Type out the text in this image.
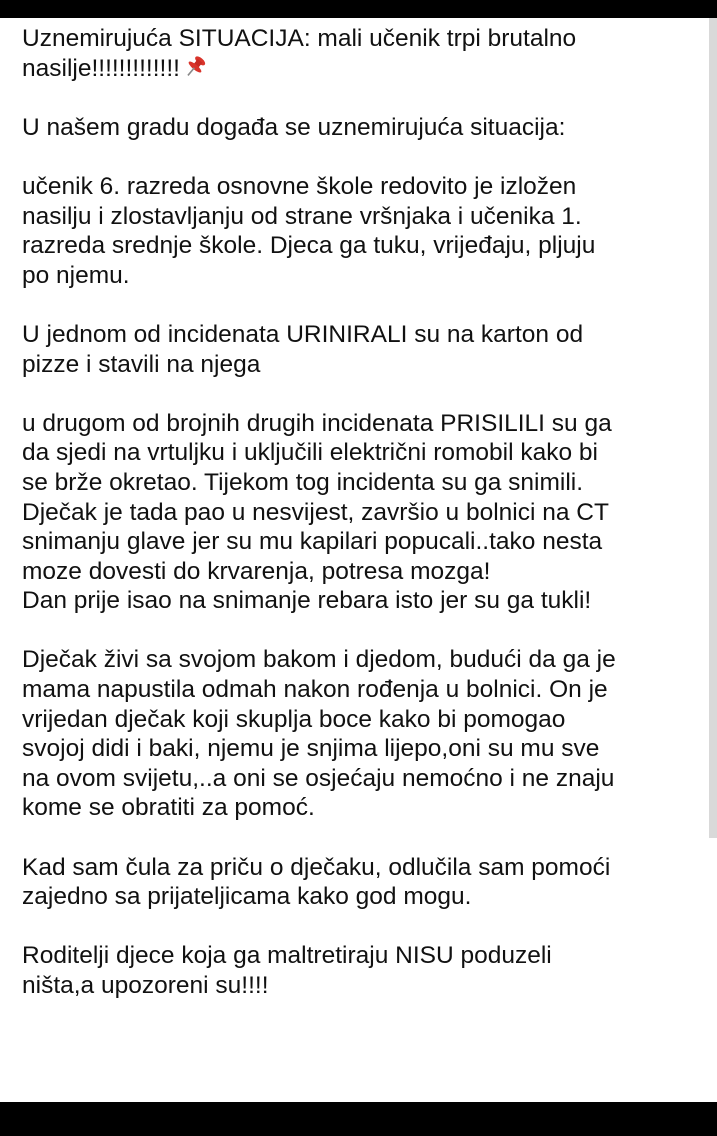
Uznemirujuća SITUACIJA: mali učenik trpi brutalno
nasilje!!!!!!!!!!!!!

U našem gradu događa se uznemirujuća situacija:

učenik 6. razreda osnovne škole redovito je izložen
nasilju i zlostavljanju od strane vršnjaka i učenika 1.
razreda srednje škole. Djeca ga tuku, vrijeđaju, pljuju
po njemu.

U jednom od incidenata URINIRALI su na karton od
pizze i stavili na njega

u drugom od brojnih drugih incidenata PRISILILI su ga
da sjedi na vrtuljku i uključili električni romobil kako bi
se brže okretao. Tijekom tog incidenta su ga snimili.
Dječak je tada pao u nesvijest, završio u bolnici na CT
snimanju glave jer su mu kapilari popucali..tako nesta
moze dovesti do krvarenja, potresa mozga!
Dan prije isao na snimanje rebara isto jer su ga tukli!

Dječak živi sa svojom bakom i djedom, budući da ga je
mama napustila odmah nakon rođenja u bolnici. On je
vrijedan dječak koji skuplja boce kako bi pomogao
svojoj didi i baki, njemu je snjima lijepo,oni su mu sve
na ovom svijetu,..a oni se osjećaju nemoćno i ne znaju
kome se obratiti za pomoć.

Kad sam čula za priču o dječaku, odlučila sam pomoći
zajedno sa prijateljicama kako god mogu.

Roditelji djece koja ga maltretiraju NISU poduzeli
ništa,a upozoreni su!!!!
